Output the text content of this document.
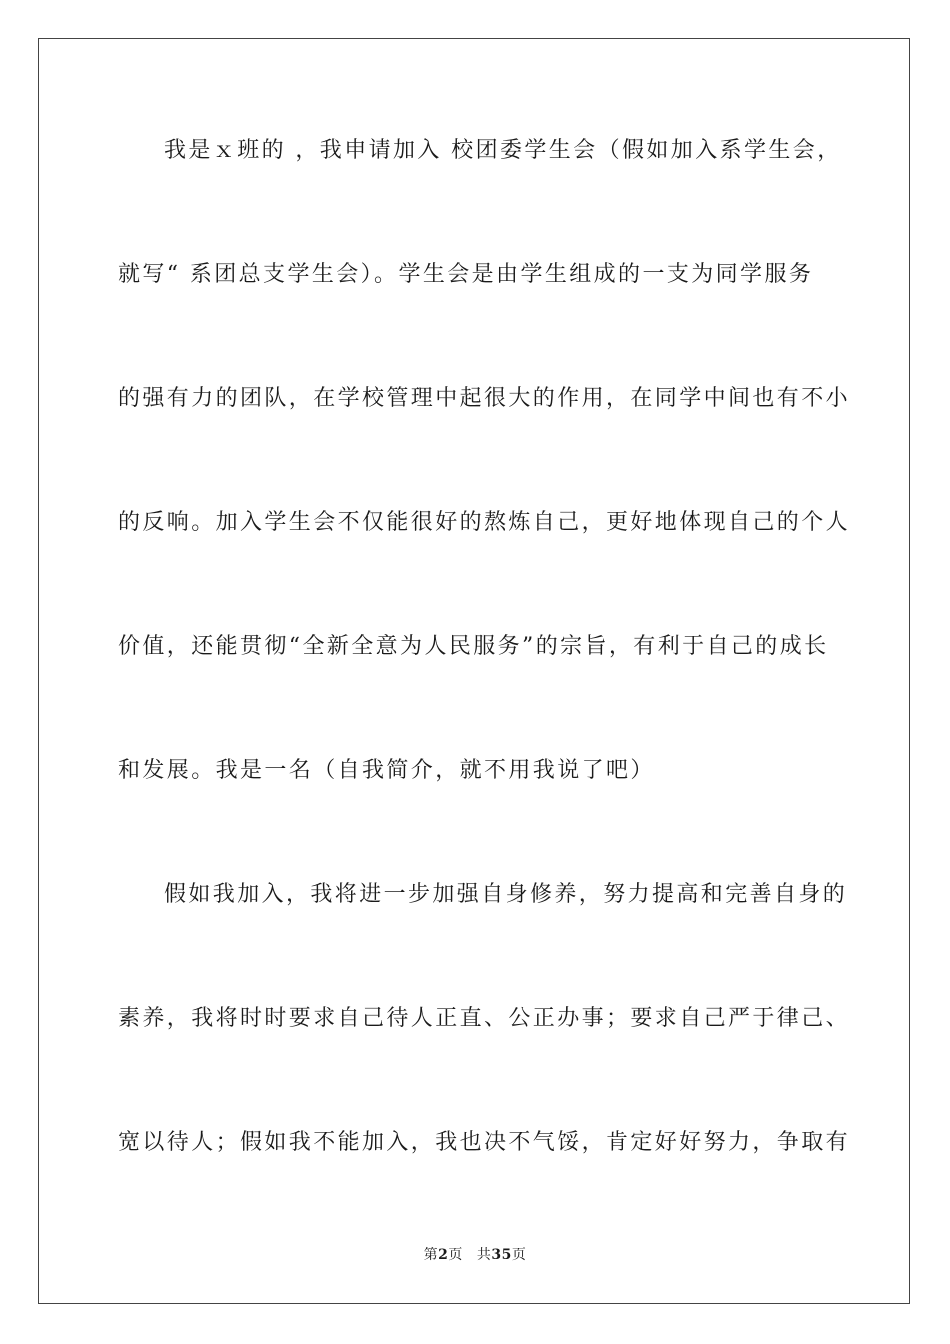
我是ｘ班的 ，我申请加入 校团委学生会（假如加入系学生会，
就写“ 系团总支学生会）。学生会是由学生组成的一支为同学服务
的强有力的团队，在学校管理中起很大的作用，在同学中间也有不小
的反响。加入学生会不仅能很好的熬炼自己，更好地体现自己的个人
价值，还能贯彻“全新全意为人民服务”的宗旨，有利于自己的成长
和发展。我是一名（自我简介，就不用我说了吧）
假如我加入，我将进一步加强自身修养，努力提高和完善自身的
素养，我将时时要求自己待人正直、公正办事；要求自己严于律己、
宽以待人；假如我不能加入，我也决不气馁，肯定好好努力，争取有
第2页 共35页
